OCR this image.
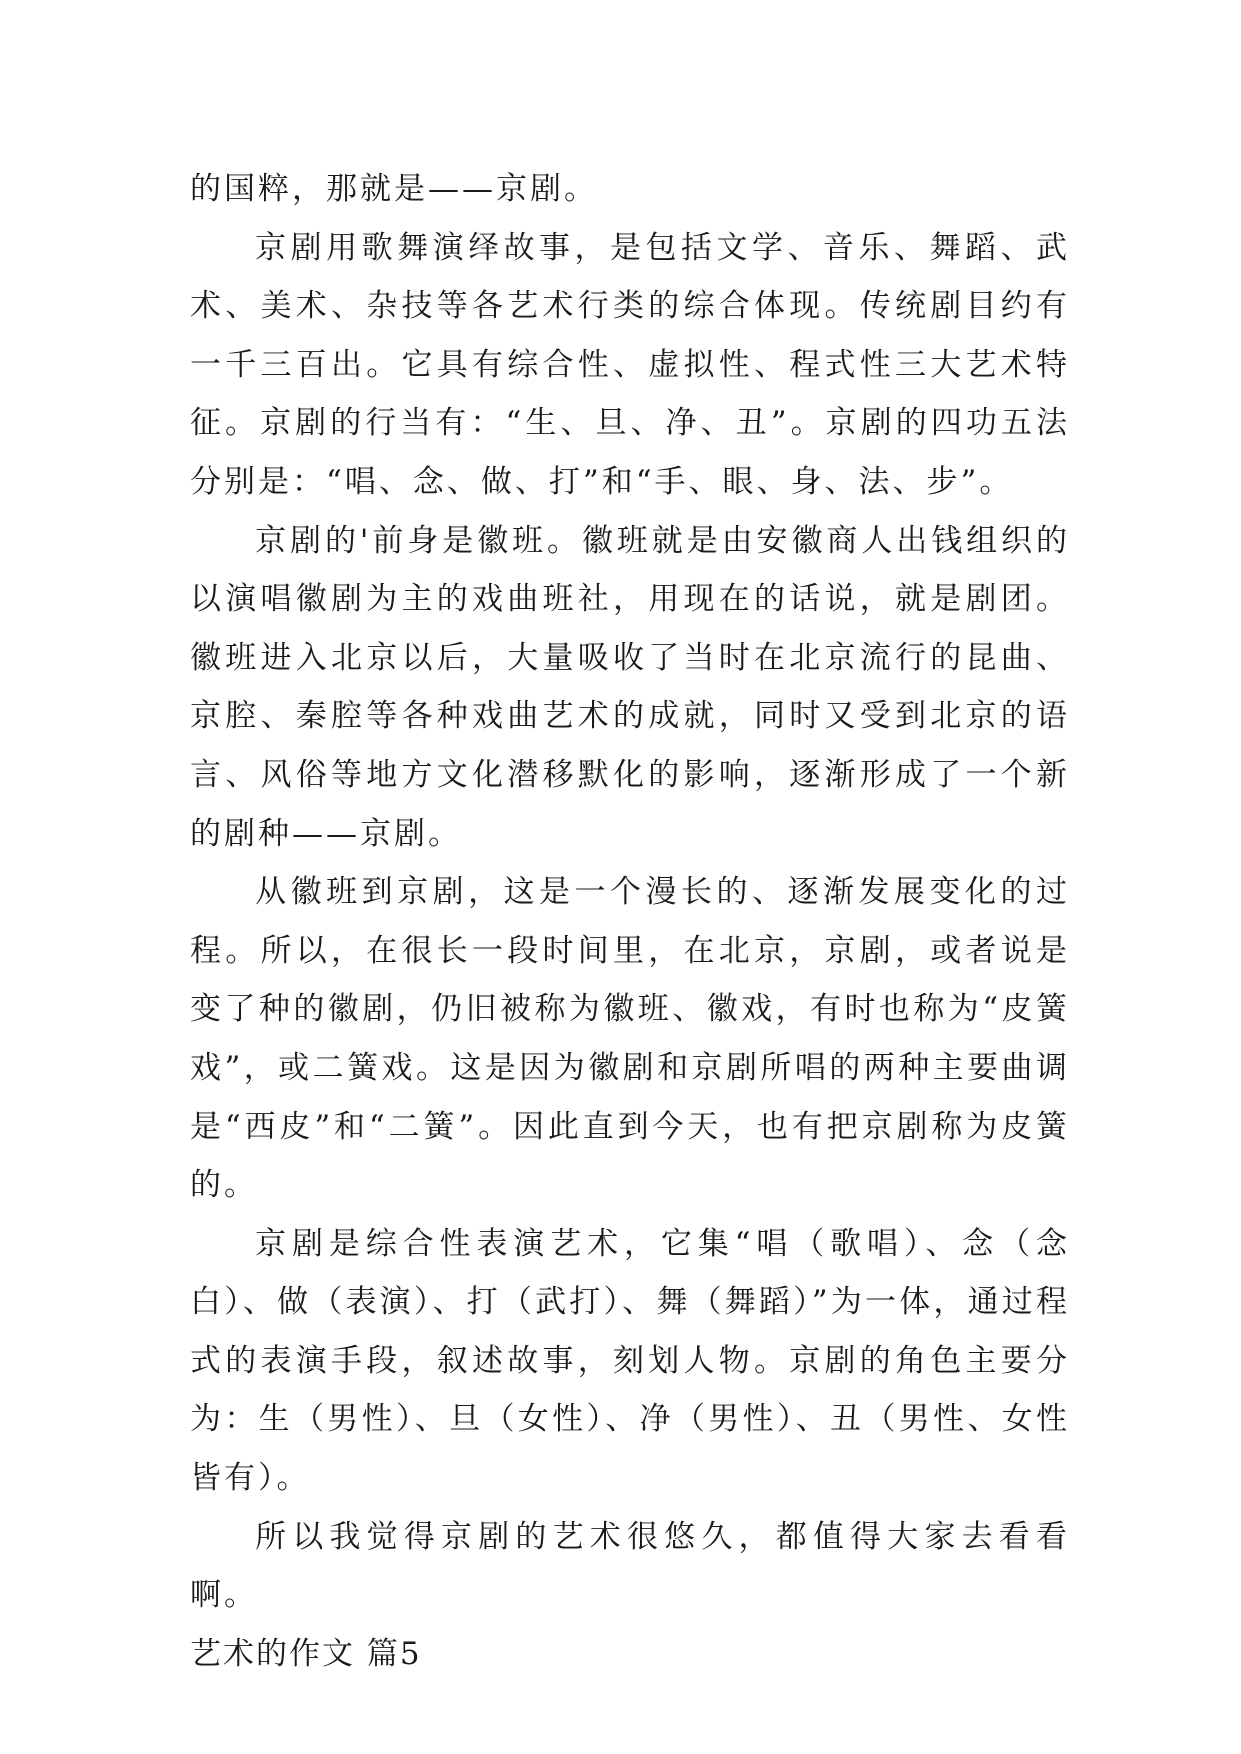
的国粹，那就是——京剧。

京剧用歌舞演绎故事，是包括文学、音乐、舞蹈、武术、美术、杂技等各艺术行类的综合体现。传统剧目约有一千三百出。它具有综合性、虚拟性、程式性三大艺术特征。京剧的行当有：“生、旦、净、丑”。京剧的四功五法分别是：“唱、念、做、打”和“手、眼、身、法、步”。

京剧的'前身是徽班。徽班就是由安徽商人出钱组织的以演唱徽剧为主的戏曲班社，用现在的话说，就是剧团。徽班进入北京以后，大量吸收了当时在北京流行的昆曲、京腔、秦腔等各种戏曲艺术的成就，同时又受到北京的语言、风俗等地方文化潜移默化的影响，逐渐形成了一个新的剧种——京剧。

从徽班到京剧，这是一个漫长的、逐渐发展变化的过程。所以，在很长一段时间里，在北京，京剧，或者说是变了种的徽剧，仍旧被称为徽班、徽戏，有时也称为“皮簧戏”，或二簧戏。这是因为徽剧和京剧所唱的两种主要曲调是“西皮”和“二簧”。因此直到今天，也有把京剧称为皮簧的。

京剧是综合性表演艺术，它集“唱（歌唱）、念（念白）、做（表演）、打（武打）、舞（舞蹈）”为一体，通过程式的表演手段，叙述故事，刻划人物。京剧的角色主要分为：生（男性）、旦（女性）、净（男性）、丑（男性、女性皆有）。

所以我觉得京剧的艺术很悠久，都值得大家去看看啊。

艺术的作文 篇5
